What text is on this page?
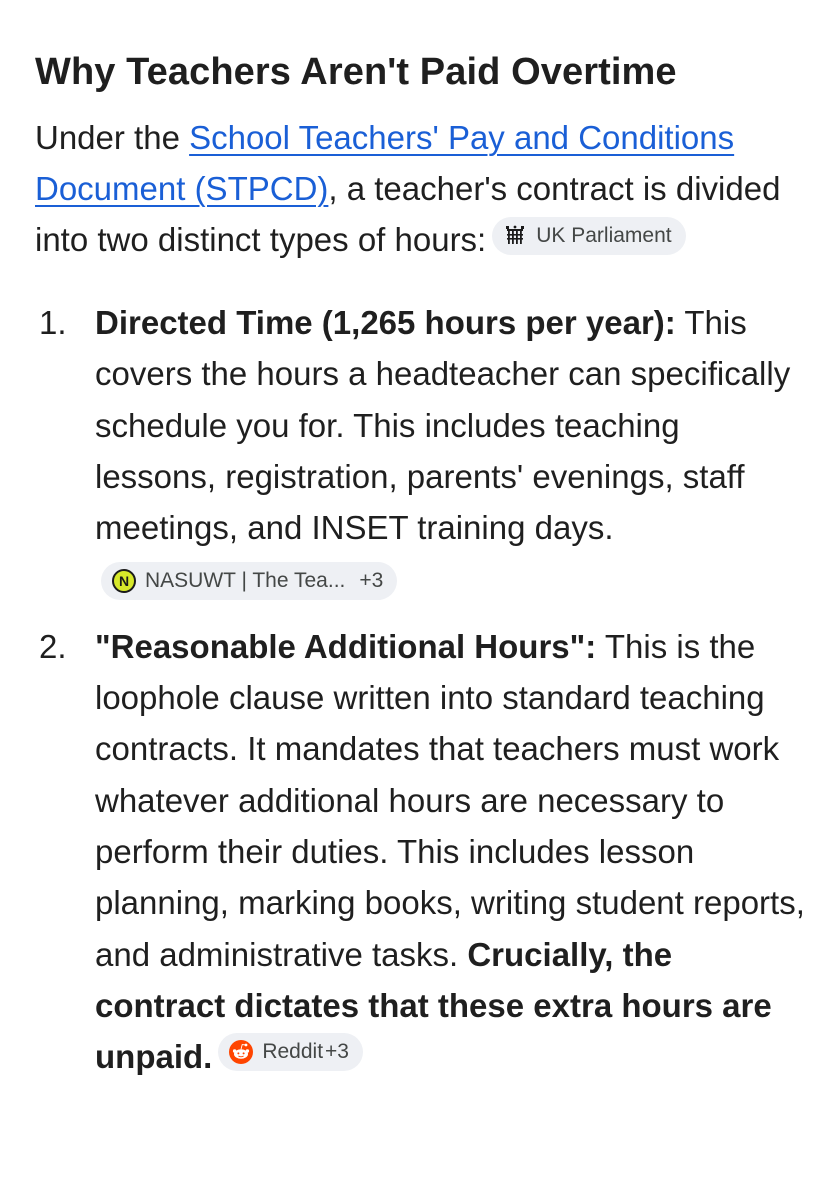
Why Teachers Aren't Paid Overtime

Under the School Teachers' Pay and Conditions Document (STPCD), a teacher's contract is divided into two distinct types of hours: UK Parliament

1. Directed Time (1,265 hours per year): This covers the hours a headteacher can specifically schedule you for. This includes teaching lessons, registration, parents' evenings, staff meetings, and INSET training days.
N NASUWT | The Tea... +3
2. "Reasonable Additional Hours": This is the loophole clause written into standard teaching contracts. It mandates that teachers must work whatever additional hours are necessary to perform their duties. This includes lesson planning, marking books, writing student reports, and administrative tasks. Crucially, the contract dictates that these extra hours are unpaid. Reddit +3
